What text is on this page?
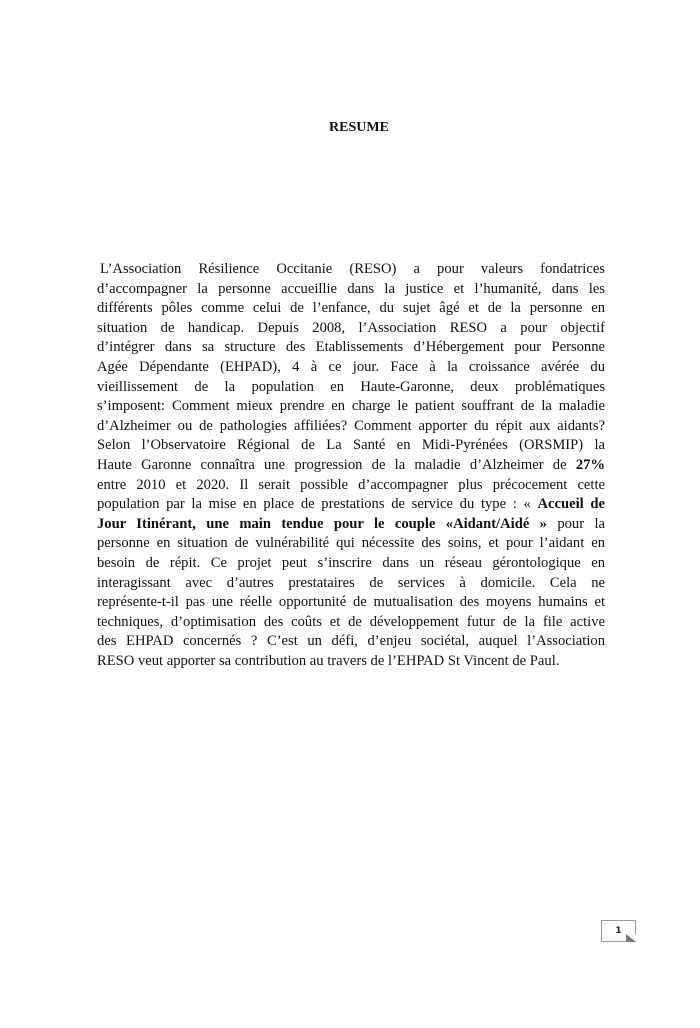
RESUME
L’Association Résilience Occitanie (RESO) a pour valeurs fondatrices
d’accompagner la personne accueillie dans la justice et l’humanité, dans les
différents pôles comme celui de l’enfance, du sujet âgé et de la personne en
situation de handicap. Depuis 2008, l’Association RESO a pour objectif
d’intégrer dans sa structure des Etablissements d’Hébergement pour Personne
Agée Dépendante (EHPAD), 4 à ce jour. Face à la croissance avérée du
vieillissement de la population en Haute-Garonne, deux problématiques
s’imposent: Comment mieux prendre en charge le patient souffrant de la maladie
d’Alzheimer ou de pathologies affiliées? Comment apporter du répit aux aidants?
Selon l’Observatoire Régional de La Santé en Midi-Pyrénées (ORSMIP) la
Haute Garonne connaîtra une progression de la maladie d’Alzheimer de 27%
entre 2010 et 2020. Il serait possible d’accompagner plus précocement cette
population par la mise en place de prestations de service du type : « Accueil de
Jour Itinérant, une main tendue pour le couple «Aidant/Aidé » pour la
personne en situation de vulnérabilité qui nécessite des soins, et pour l’aidant en
besoin de répit. Ce projet peut s’inscrire dans un réseau gérontologique en
interagissant avec d’autres prestataires de services à domicile. Cela ne
représente-t-il pas une réelle opportunité de mutualisation des moyens humains et
techniques, d’optimisation des coûts et de développement futur de la file active
des EHPAD concernés ? C’est un défi, d’enjeu sociétal, auquel l’Association
RESO veut apporter sa contribution au travers de l’EHPAD St Vincent de Paul.
1
